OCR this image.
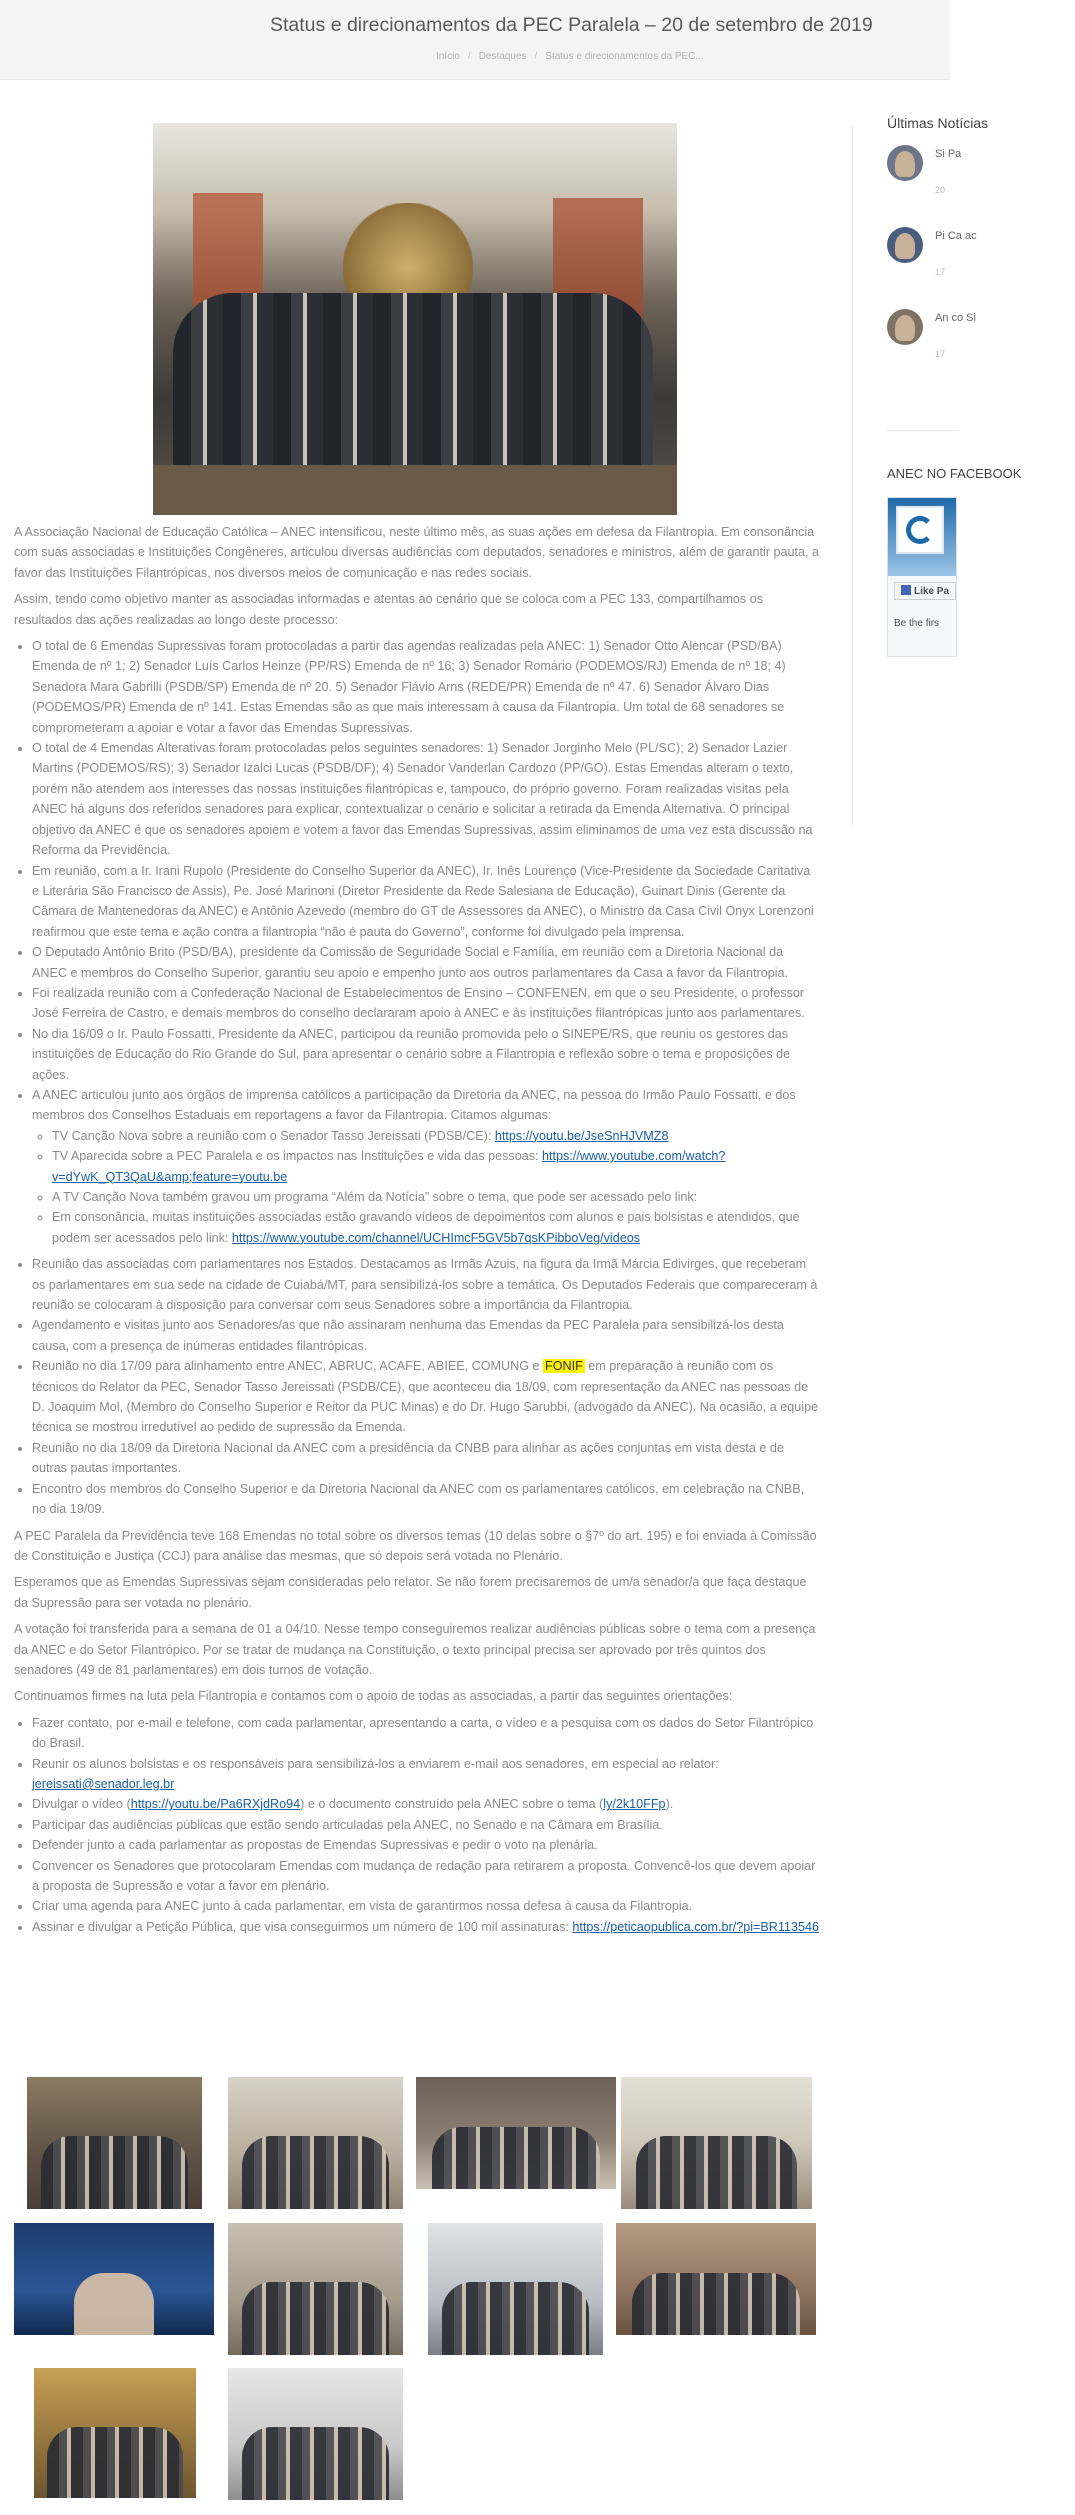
Status e direcionamentos da PEC Paralela – 20 de setembro de 2019
Início / Destaques / Status e direcionamentos da PEC...

A Associação Nacional de Educação Católica – ANEC intensificou, neste último mês, as suas ações em defesa da Filantropia. Em consonância com suas associadas e Instituições Congêneres, articulou diversas audiências com deputados, senadores e ministros, além de garantir pauta, a favor das Instituições Filantrópicas, nos diversos meios de comunicação e nas redes sociais.

Assim, tendo como objetivo manter as associadas informadas e atentas ao cenário que se coloca com a PEC 133, compartilhamos os resultados das ações realizadas ao longo deste processo:

• O total de 6 Emendas Supressivas foram protocoladas a partir das agendas realizadas pela ANEC: 1) Senador Otto Alencar (PSD/BA) Emenda de nº 1; 2) Senador Luís Carlos Heinze (PP/RS) Emenda de nº 16; 3) Senador Romário (PODEMOS/RJ) Emenda de nº 18; 4) Senadora Mara Gabrilli (PSDB/SP) Emenda de nº 20. 5) Senador Flávio Arns (REDE/PR) Emenda de nº 47. 6) Senador Álvaro Dias (PODEMOS/PR) Emenda de nº 141. Estas Emendas são as que mais interessam à causa da Filantropia. Um total de 68 senadores se comprometeram a apoiar e votar a favor das Emendas Supressivas.
• O total de 4 Emendas Alterativas foram protocoladas pelos seguintes senadores: 1) Senador Jorginho Melo (PL/SC); 2) Senador Lazier Martins (PODEMOS/RS); 3) Senador Izalci Lucas (PSDB/DF); 4) Senador Vanderlan Cardozo (PP/GO). Estas Emendas alteram o texto, porém não atendem aos interesses das nossas instituições filantrópicas e, tampouco, do próprio governo. Foram realizadas visitas pela ANEC há alguns dos referidos senadores para explicar, contextualizar o cenário e solicitar a retirada da Emenda Alternativa. O principal objetivo da ANEC é que os senadores apoiem e votem a favor das Emendas Supressivas, assim eliminamos de uma vez esta discussão na Reforma da Previdência.
• Em reunião, com a Ir. Irani Rupolo (Presidente do Conselho Superior da ANEC), Ir. Inês Lourenço (Vice-Presidente da Sociedade Caritativa e Literária São Francisco de Assis), Pe. José Marinoni (Diretor Presidente da Rede Salesiana de Educação), Guinart Dinis (Gerente da Câmara de Mantenedoras da ANEC) e Antônio Azevedo (membro do GT de Assessores da ANEC), o Ministro da Casa Civil Onyx Lorenzoni reafirmou que este tema e ação contra a filantropia “não é pauta do Governo”, conforme foi divulgado pela imprensa.
• O Deputado Antônio Brito (PSD/BA), presidente da Comissão de Seguridade Social e Família, em reunião com a Diretoria Nacional da ANEC e membros do Conselho Superior, garantiu seu apoio e empenho junto aos outros parlamentares da Casa a favor da Filantropia.
• Foi realizada reunião com a Confederação Nacional de Estabelecimentos de Ensino – CONFENEN, em que o seu Presidente, o professor José Ferreira de Castro, e demais membros do conselho declararam apoio à ANEC e às instituições filantrópicas junto aos parlamentares.
• No dia 16/09 o Ir. Paulo Fossatti, Presidente da ANEC, participou da reunião promovida pelo o SINEPE/RS, que reuniu os gestores das instituições de Educação do Rio Grande do Sul, para apresentar o cenário sobre a Filantropia e reflexão sobre o tema e proposições de ações.
• A ANEC articulou junto aos órgãos de imprensa católicos a participação da Diretoria da ANEC, na pessoa do Irmão Paulo Fossatti, e dos membros dos Conselhos Estaduais em reportagens a favor da Filantropia. Citamos algumas:
◦ TV Canção Nova sobre a reunião com o Senador Tasso Jereissati (PDSB/CE): https://youtu.be/JseSnHJVMZ8
◦ TV Aparecida sobre a PEC Paralela e os impactos nas Instituições e vida das pessoas: https://www.youtube.com/watch?v=dYwK_QT3QaU&amp;feature=youtu.be
◦ A TV Canção Nova também gravou um programa “Além da Notícia” sobre o tema, que pode ser acessado pelo link:
◦ Em consonância, muitas instituições associadas estão gravando vídeos de depoimentos com alunos e pais bolsistas e atendidos, que podem ser acessados pelo link: https://www.youtube.com/channel/UCHImcF5GV5b7qsKPibboVeg/videos
• Reunião das associadas com parlamentares nos Estados. Destacamos as Irmãs Azuis, na figura da Irmã Márcia Edivirges, que receberam os parlamentares em sua sede na cidade de Cuiabá/MT, para sensibilizá-los sobre a temática. Os Deputados Federais que compareceram à reunião se colocaram à disposição para conversar com seus Senadores sobre a importância da Filantropia.
• Agendamento e visitas junto aos Senadores/as que não assinaram nenhuma das Emendas da PEC Paralela para sensibilizá-los desta causa, com a presença de inúmeras entidades filantrópicas.
• Reunião no dia 17/09 para alinhamento entre ANEC, ABRUC, ACAFE, ABIEE, COMUNG e FONIF em preparação à reunião com os técnicos do Relator da PEC, Senador Tasso Jereissati (PSDB/CE), que aconteceu dia 18/09, com representação da ANEC nas pessoas de D. Joaquim Mol, (Membro do Conselho Superior e Reitor da PUC Minas) e do Dr. Hugo Sarubbi, (advogado da ANEC). Na ocasião, a equipe técnica se mostrou irredutível ao pedido de supressão da Emenda.
• Reunião no dia 18/09 da Diretoria Nacional da ANEC com a presidência da CNBB para alinhar as ações conjuntas em vista desta e de outras pautas importantes.
• Encontro dos membros do Conselho Superior e da Diretoria Nacional da ANEC com os parlamentares católicos, em celebração na CNBB, no dia 19/09.

A PEC Paralela da Previdência teve 168 Emendas no total sobre os diversos temas (10 delas sobre o §7º do art. 195) e foi enviada à Comissão de Constituição e Justiça (CCJ) para análise das mesmas, que só depois será votada no Plenário.

Esperamos que as Emendas Supressivas sejam consideradas pelo relator. Se não forem precisaremos de um/a senador/a que faça destaque da Supressão para ser votada no plenário.

A votação foi transferida para a semana de 01 a 04/10. Nesse tempo conseguiremos realizar audiências públicas sobre o tema com a presença da ANEC e do Setor Filantrópico. Por se tratar de mudança na Constituição, o texto principal precisa ser aprovado por três quintos dos senadores (49 de 81 parlamentares) em dois turnos de votação.

Continuamos firmes na luta pela Filantropia e contamos com o apoio de todas as associadas, a partir das seguintes orientações:

• Fazer contato, por e-mail e telefone, com cada parlamentar, apresentando a carta, o vídeo e a pesquisa com os dados do Setor Filantrópico do Brasil.
• Reunir os alunos bolsistas e os responsáveis para sensibilizá-los a enviarem e-mail aos senadores, em especial ao relator: jereissati@senador.leg.br
• Divulgar o vídeo (https://youtu.be/Pa6RXjdRo94) e o documento construído pela ANEC sobre o tema (ly/2k10FFp).
• Participar das audiências públicas que estão sendo articuladas pela ANEC, no Senado e na Câmara em Brasília.
• Defender junto a cada parlamentar as propostas de Emendas Supressivas e pedir o voto na plenária.
• Convencer os Senadores que protocolaram Emendas com mudança de redação para retirarem a proposta. Convencê-los que devem apoiar a proposta de Supressão e votar a favor em plenário.
• Criar uma agenda para ANEC junto à cada parlamentar, em vista de garantirmos nossa defesa à causa da Filantropia.
• Assinar e divulgar a Petição Pública, que visa conseguirmos um número de 100 mil assinaturas: https://peticaopublica.com.br/?pi=BR113546
Últimas Notícias
Si Pa
20
Pi Ca ac
17
An co Si
17
ANEC NO FACEBOOK
Like Pa
Be the firs
